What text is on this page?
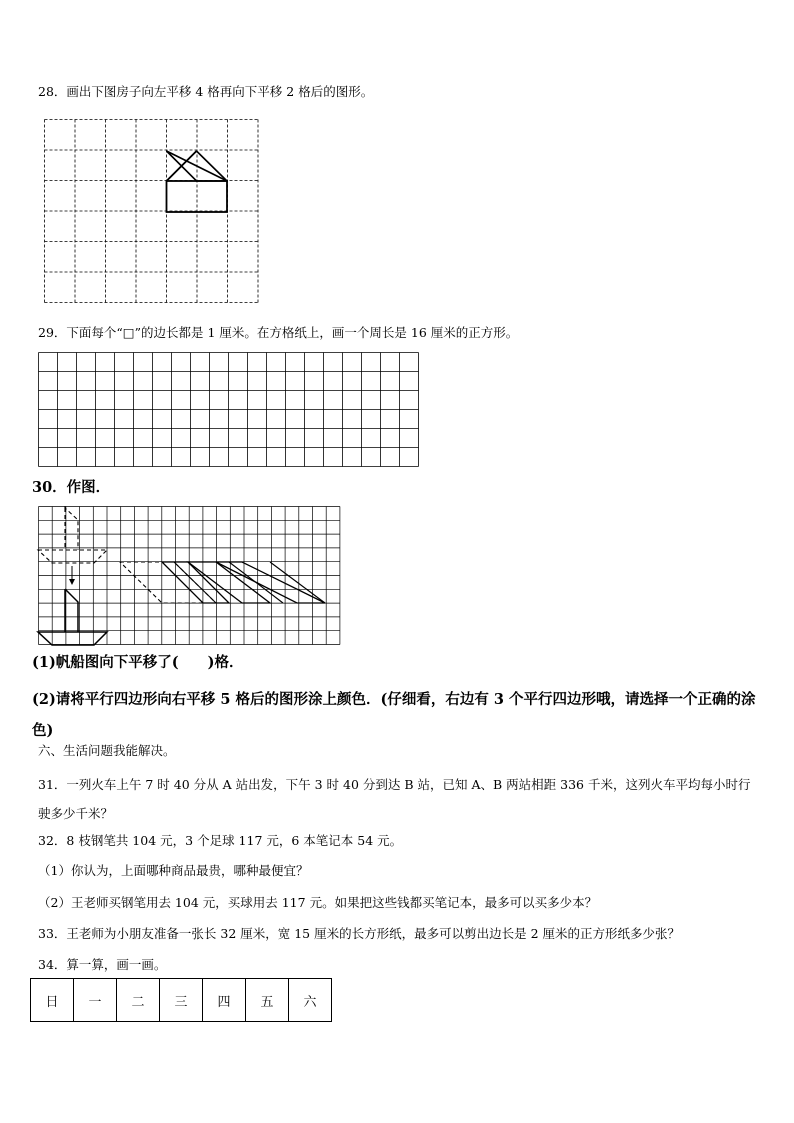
28．画出下图房子向左平移 4 格再向下平移 2 格后的图形。
29．下面每个“□”的边长都是 1 厘米。在方格纸上，画一个周长是 16 厘米的正方形。
30．作图．
(1)帆船图向下平移了(　　)格．
(2)请将平行四边形向右平移 5 格后的图形涂上颜色．(仔细看，右边有 3 个平行四边形哦，请选择一个正确的涂色)
六、生活问题我能解决。
31．一列火车上午 7 时 40 分从 A 站出发，下午 3 时 40 分到达 B 站，已知 A、B 两站相距 336 千米，这列火车平均每小时行驶多少千米？
32．8 枝钢笔共 104 元，3 个足球 117 元，6 本笔记本 54 元。
（1）你认为，上面哪种商品最贵，哪种最便宜？
（2）王老师买钢笔用去 104 元，买球用去 117 元。如果把这些钱都买笔记本，最多可以买多少本？
33．王老师为小朋友准备一张长 32 厘米，宽 15 厘米的长方形纸，最多可以剪出边长是 2 厘米的正方形纸多少张？
34．算一算，画一画。
日	一	二	三	四	五	六
